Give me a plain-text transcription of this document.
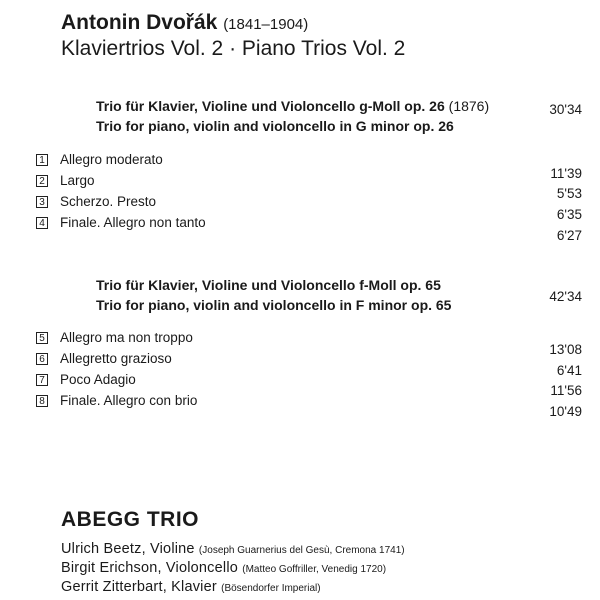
Antonin Dvořák (1841–1904)
Klaviertrios Vol. 2 · Piano Trios Vol. 2
Trio für Klavier, Violine und Violoncello g-Moll op. 26 (1876)	30'34
Trio for piano, violin and violoncello in G minor op. 26
1 Allegro moderato
2 Largo
3 Scherzo. Presto
4 Finale. Allegro non tanto
11'39
5'53
6'35
6'27
Trio für Klavier, Violine und Violoncello f-Moll op. 65
42'34
Trio for piano, violin and violoncello in F minor op. 65
5 Allegro ma non troppo
6 Allegretto grazioso
7 Poco Adagio
8 Finale. Allegro con brio
13'08
6'41
11'56
10'49
ABEGG TRIO
Ulrich Beetz, Violine (Joseph Guarnerius del Gesù, Cremona 1741)
Birgit Erichson, Violoncello (Matteo Goffriller, Venedig 1720)
Gerrit Zitterbart, Klavier (Bösendorfer Imperial)
